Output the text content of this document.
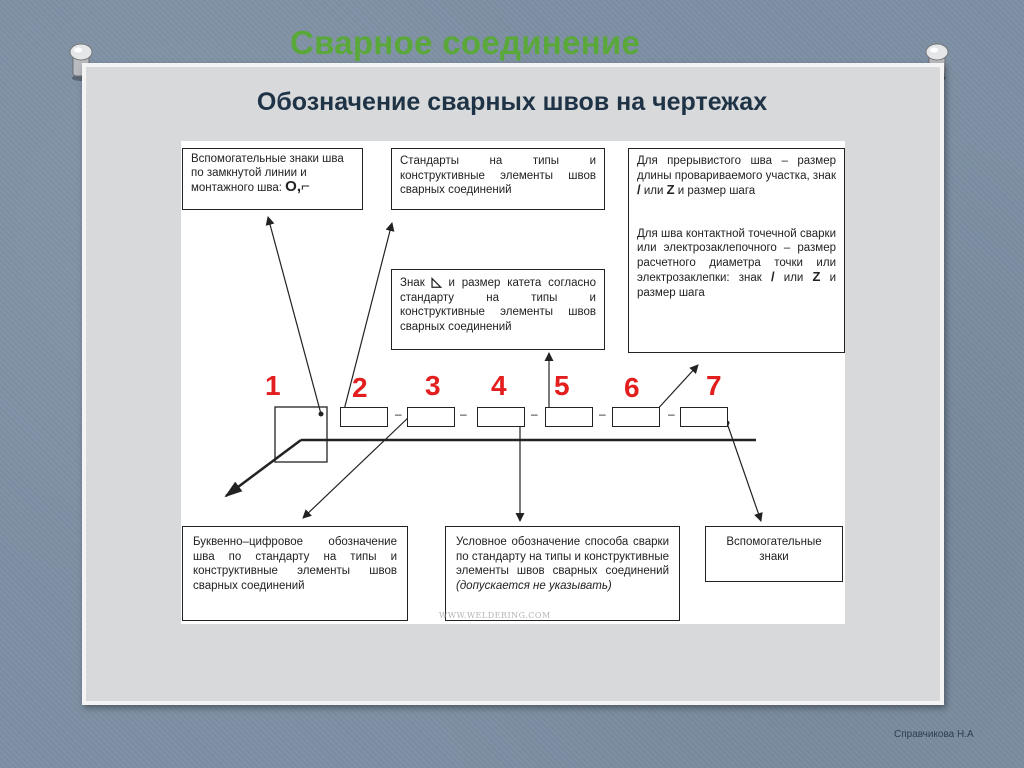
Сварное соединение
Обозначение сварных швов на чертежах
Вспомогательные знаки шва по замкнутой линии и монтажного шва: O,⌐
Стандарты на типы и конструктивные элементы швов сварных соединений
Знак ◺ и размер катета согласно стандарту на типы и конструктивные элементы швов сварных соединений
Для прерывистого шва – размер длины провариваемого участка, знак / или Z и размер шага
Для шва контактной точечной сварки или электрозаклепочного – размер расчетного диаметра точки или электрозаклепки: знак / или Z и размер шага
1	2 3 4 5 6 7
–	–	–	–	–
Буквенно–цифровое обозначение шва по стандарту на типы и конструктивные элементы швов сварных соединений
Условное обозначение способа сварки по стандарту на типы и конструктивные элементы швов сварных соединений (допускается не указывать)
Вспомогательные знаки
WWW.WELDERING.COM
Справчикова Н.А
